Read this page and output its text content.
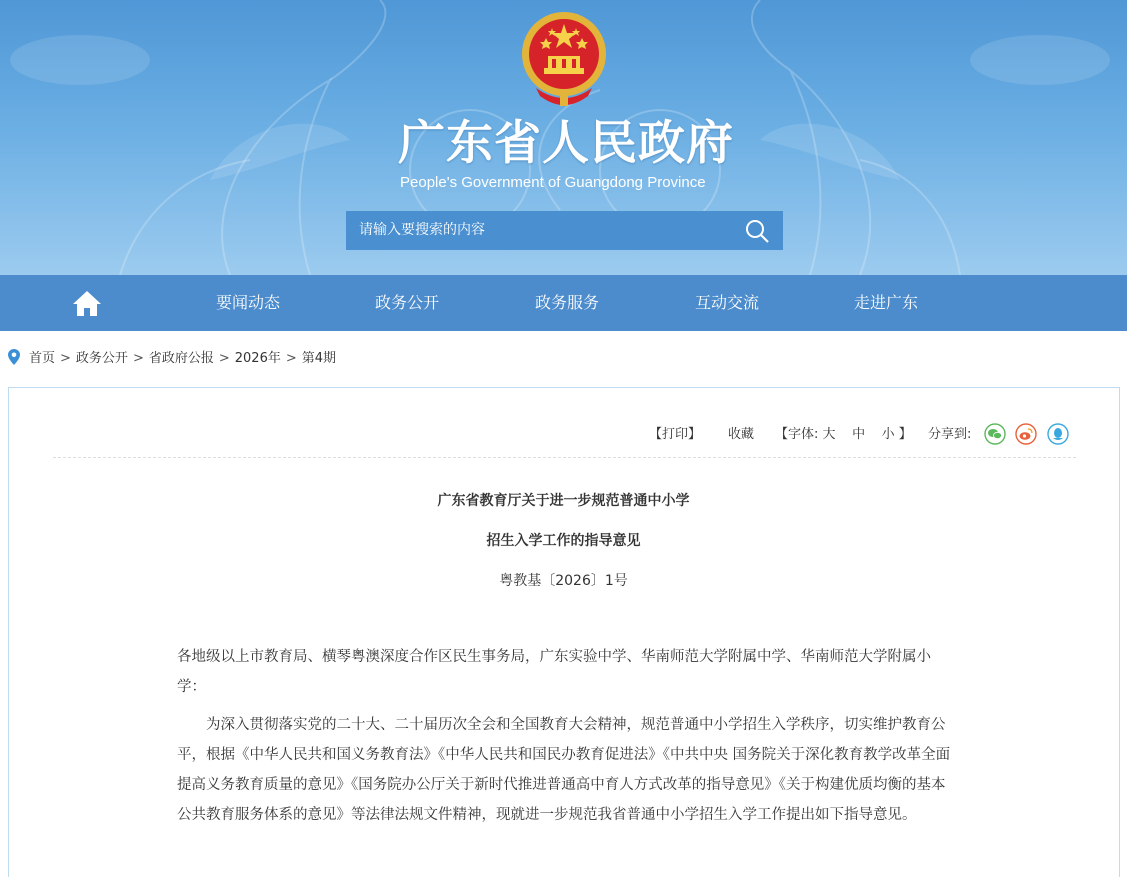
广东省人民政府
People's Government of Guangdong Province
请输入要搜索的内容
要闻动态	政务公开	政务服务	互动交流	走进广东
首页 > 政务公开 > 省政府公报 > 2026年 > 第4期
【打印】 收藏 【字体: 大 中 小 】 分享到:
广东省教育厅关于进一步规范普通中小学
招生入学工作的指导意见
粤教基〔2026〕1号
各地级以上市教育局、横琴粤澳深度合作区民生事务局，广东实验中学、华南师范大学附属中学、华南师范大学附属小学：
为深入贯彻落实党的二十大、二十届历次全会和全国教育大会精神，规范普通中小学招生入学秩序，切实维护教育公平，根据《中华人民共和国义务教育法》《中华人民共和国民办教育促进法》《中共中央 国务院关于深化教育教学改革全面提高义务教育质量的意见》《国务院办公厅关于新时代推进普通高中育人方式改革的指导意见》《关于构建优质均衡的基本公共教育服务体系的意见》等法律法规文件精神，现就进一步规范我省普通中小学招生入学工作提出如下指导意见。
